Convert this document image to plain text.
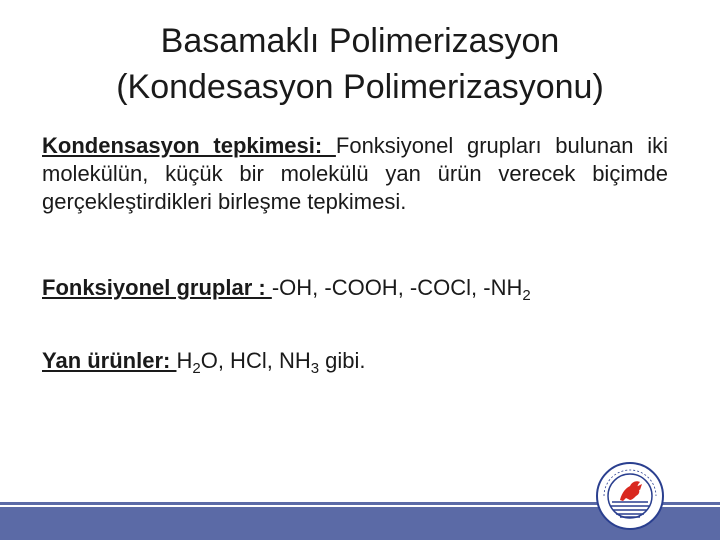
Basamaklı Polimerizasyon
(Kondesasyon Polimerizasyonu)

Kondensasyon tepkimesi: Fonksiyonel grupları bulunan iki molekülün, küçük bir molekülü yan ürün verecek biçimde gerçekleştirdikleri birleşme tepkimesi.

Fonksiyonel gruplar : -OH, -COOH, -COCl, $-NH_2$

Yan ürünler: $H_2O$, HCl, $NH_3$ gibi.
